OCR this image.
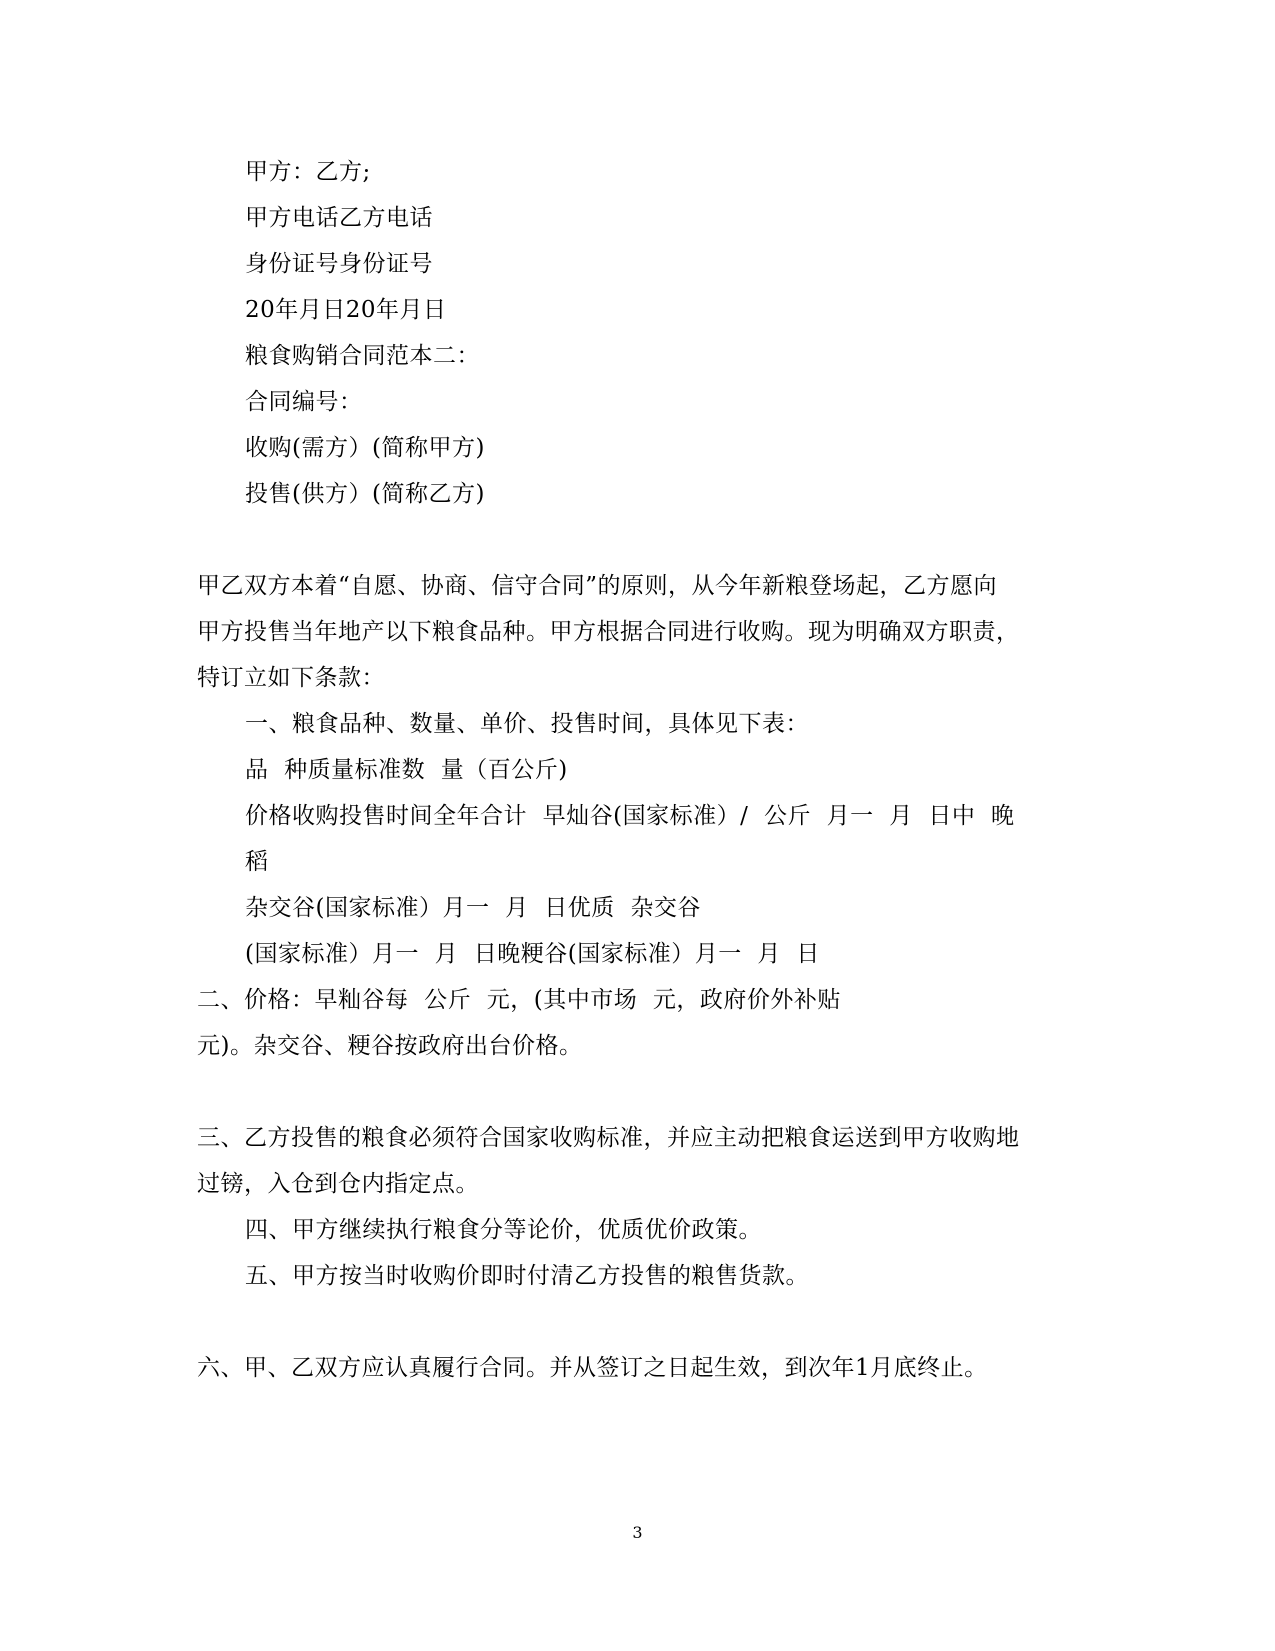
甲方：乙方;
甲方电话乙方电话
身份证号身份证号
20年月日20年月日
粮食购销合同范本二：
合同编号：
收购(需方）(简称甲方)
投售(供方）(简称乙方)
甲乙双方本着“自愿、协商、信守合同”的原则，从今年新粮登场起，乙方愿向
甲方投售当年地产以下粮食品种。甲方根据合同进行收购。现为明确双方职责，
特订立如下条款：
一、粮食品种、数量、单价、投售时间，具体见下表：
品  种质量标准数  量（百公斤)
价格收购投售时间全年合计  早灿谷(国家标准）/  公斤  月一  月  日中  晚
稻
杂交谷(国家标准）月一  月  日优质  杂交谷
(国家标准）月一  月  日晚粳谷(国家标准）月一  月  日
二、价格：早籼谷每  公斤  元，(其中市场  元，政府价外补贴
元)。杂交谷、粳谷按政府出台价格。
三、乙方投售的粮食必须符合国家收购标准，并应主动把粮食运送到甲方收购地
过镑，入仓到仓内指定点。
四、甲方继续执行粮食分等论价，优质优价政策。
五、甲方按当时收购价即时付清乙方投售的粮售货款。
六、甲、乙双方应认真履行合同。并从签订之日起生效，到次年1月底终止。
3
